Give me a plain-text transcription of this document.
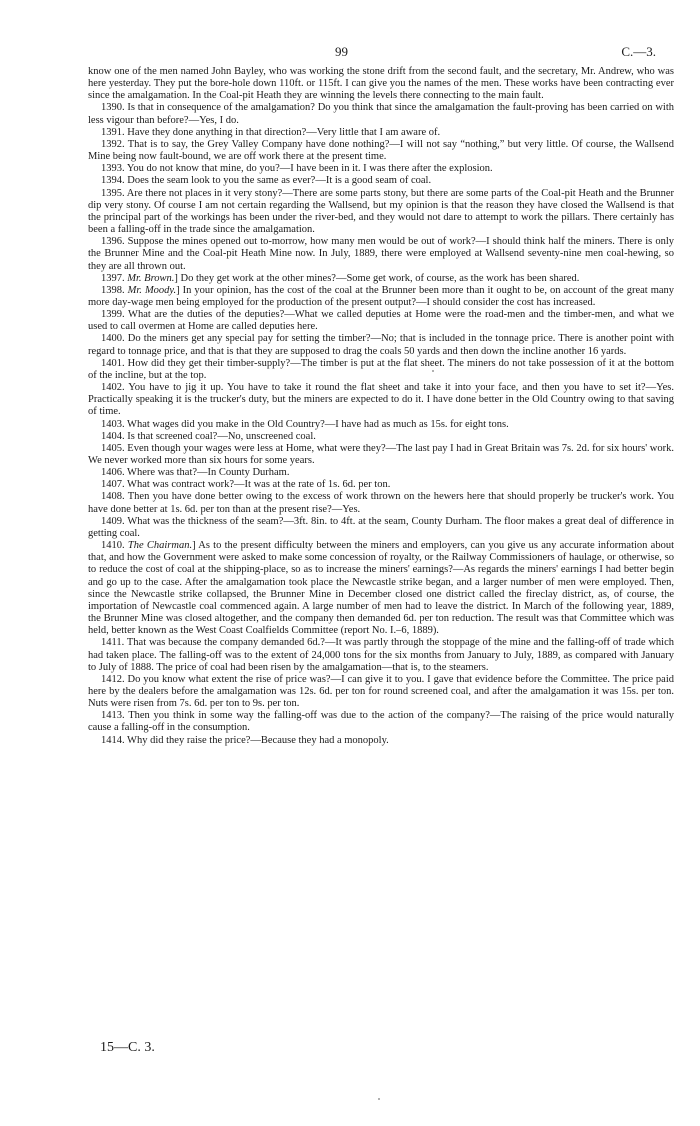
99	C.—3.

know one of the men named John Bayley, who was working the stone drift from the second fault, and the secretary, Mr. Andrew, who was here yesterday. They put the bore-hole down 110ft. or 115ft. I can give you the names of the men. These works have been contracting ever since the amalgamation. In the Coal-pit Heath they are winning the levels there connecting to the main fault.

1390. Is that in consequence of the amalgamation? Do you think that since the amalgamation the fault-proving has been carried on with less vigour than before?—Yes, I do.

1391. Have they done anything in that direction?—Very little that I am aware of.

1392. That is to say, the Grey Valley Company have done nothing?—I will not say “nothing,” but very little. Of course, the Wallsend Mine being now fault-bound, we are off work there at the present time.

1393. You do not know that mine, do you?—I have been in it. I was there after the explosion.

1394. Does the seam look to you the same as ever?—It is a good seam of coal.

1395. Are there not places in it very stony?—There are some parts stony, but there are some parts of the Coal-pit Heath and the Brunner dip very stony. Of course I am not certain regarding the Wallsend, but my opinion is that the reason they have closed the Wallsend is that the principal part of the workings has been under the river-bed, and they would not dare to attempt to work the pillars. There certainly has been a falling-off in the trade since the amalgamation.

1396. Suppose the mines opened out to-morrow, how many men would be out of work?—I should think half the miners. There is only the Brunner Mine and the Coal-pit Heath Mine now. In July, 1889, there were employed at Wallsend seventy-nine men coal-hewing, so they are all thrown out.

1397. Mr. Brown.] Do they get work at the other mines?—Some get work, of course, as the work has been shared.

1398. Mr. Moody.] In your opinion, has the cost of the coal at the Brunner been more than it ought to be, on account of the great many more day-wage men being employed for the production of the present output?—I should consider the cost has increased.

1399. What are the duties of the deputies?—What we called deputies at Home were the road-men and the timber-men, and what we used to call overmen at Home are called deputies here.

1400. Do the miners get any special pay for setting the timber?—No; that is included in the tonnage price. There is another point with regard to tonnage price, and that is that they are supposed to drag the coals 50 yards and then down the incline another 16 yards.

1401. How did they get their timber-supply?—The timber is put at the flat sheet. The miners do not take possession of it at the bottom of the incline, but at the top.

1402. You have to jig it up. You have to take it round the flat sheet and take it into your face, and then you have to set it?—Yes. Practically speaking it is the trucker's duty, but the miners are expected to do it. I have done better in the Old Country owing to that saving of time.

1403. What wages did you make in the Old Country?—I have had as much as 15s. for eight tons.

1404. Is that screened coal?—No, unscreened coal.

1405. Even though your wages were less at Home, what were they?—The last pay I had in Great Britain was 7s. 2d. for six hours' work. We never worked more than six hours for some years.

1406. Where was that?—In County Durham.

1407. What was contract work?—It was at the rate of 1s. 6d. per ton.

1408. Then you have done better owing to the excess of work thrown on the hewers here that should properly be trucker's work. You have done better at 1s. 6d. per ton than at the present rise?—Yes.

1409. What was the thickness of the seam?—3ft. 8in. to 4ft. at the seam, County Durham. The floor makes a great deal of difference in getting coal.

1410. The Chairman.] As to the present difficulty between the miners and employers, can you give us any accurate information about that, and how the Government were asked to make some concession of royalty, or the Railway Commissioners of haulage, or otherwise, so to reduce the cost of coal at the shipping-place, so as to increase the miners' earnings?—As regards the miners' earnings I had better begin and go up to the case. After the amalgamation took place the Newcastle strike began, and a larger number of men were employed. Then, since the Newcastle strike collapsed, the Brunner Mine in December closed one district called the fireclay district, as, of course, the importation of Newcastle coal commenced again. A large number of men had to leave the district. In March of the following year, 1889, the Brunner Mine was closed altogether, and the company then demanded 6d. per ton reduction. The result was that Committee which was held, better known as the West Coast Coalfields Committee (report No. I.–6, 1889).

1411. That was because the company demanded 6d.?—It was partly through the stoppage of the mine and the falling-off of trade which had taken place. The falling-off was to the extent of 24,000 tons for the six months from January to July, 1889, as compared with January to July of 1888. The price of coal had been risen by the amalgamation—that is, to the steamers.

1412. Do you know what extent the rise of price was?—I can give it to you. I gave that evidence before the Committee. The price paid here by the dealers before the amalgamation was 12s. 6d. per ton for round screened coal, and after the amalgamation it was 15s. per ton. Nuts were risen from 7s. 6d. per ton to 9s. per ton.

1413. Then you think in some way the falling-off was due to the action of the company?—The raising of the price would naturally cause a falling-off in the consumption.

1414. Why did they raise the price?—Because they had a monopoly.

15—C. 3.
